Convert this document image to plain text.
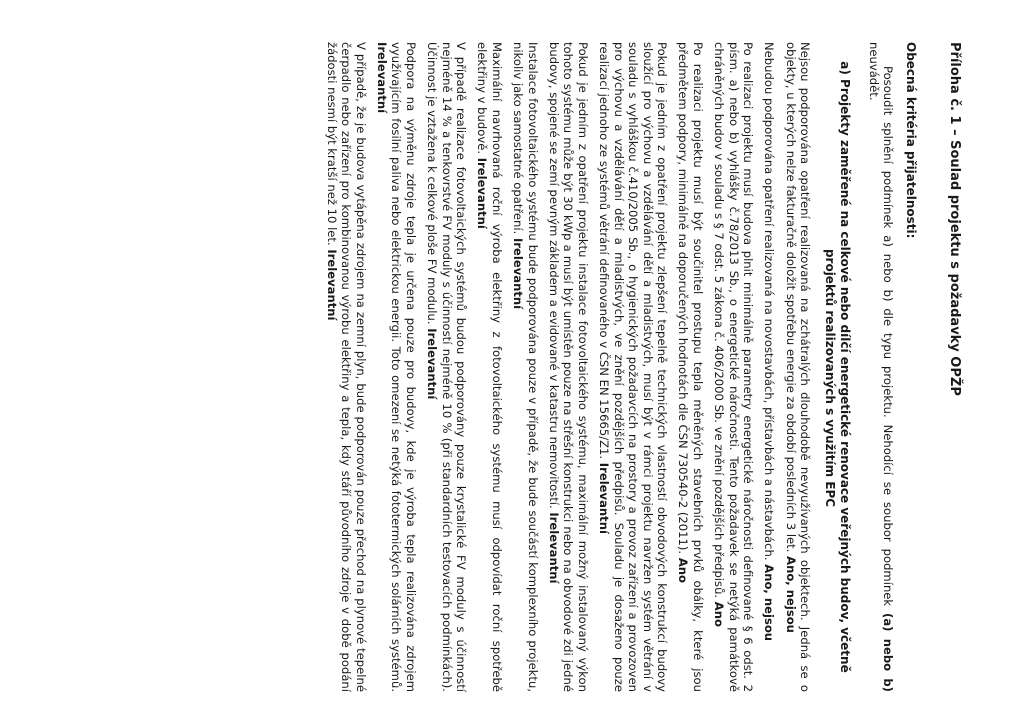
Příloha č. 1 – Soulad projektu s požadavky OPŽP
Obecná kritéria přijatelnosti:

Posoudit splnění podmínek a) nebo b) dle typu projektu. Nehodící se soubor podmínek (a) nebo b) neuvádět.

a) Projekty zaměřené na celkové nebo dílčí energetické renovace veřejných budov, včetně projektů realizovaných s využitím EPC

Nejsou podporována opatření realizovaná na zchátralých dlouhodobě nevyužívaných objektech. Jedná se o objekty, u kterých nelze fakturačně doložit spotřebu energie za období posledních 3 let. Ano, nejsou

Nebudou podporována opatření realizovaná na novostavbách, přístavbách a nástavbách. Ano, nejsou

Po realizaci projektu musí budova plnit minimálně parametry energetické náročnosti definované § 6 odst. 2 písm. a) nebo b) vyhlášky č.78/2013 Sb., o energetické náročnosti. Tento požadavek se netýká památkově chráněných budov v souladu s § 7 odst. 5 zákona č. 406/2000 Sb. ve znění pozdějších předpisů. Ano

Po realizaci projektu musí být součinitel prostupu tepla měněných stavebních prvků obálky, které jsou předmětem podpory, minimálně na doporučených hodnotách dle ČSN 730540-2 (2011). Ano

Pokud je jedním z opatření projektu zlepšení tepelně technických vlastností obvodových konstrukcí budovy sloužící pro výchovu a vzdělávání dětí a mladistvých, musí být v rámci projektu navržen systém větrání v souladu s vyhláškou č.410/2005 Sb., o hygienických požadavcích na prostory a provoz zařízení a provozoven pro výchovu a vzdělávání dětí a mladistvých, ve znění pozdějších předpisů. Souladu je dosaženo pouze realizací jednoho ze systémů větrání definovaného v ČSN EN 15665/Z1. Irelevantní

Pokud je jedním z opatření projektu instalace fotovoltaického systému, maximální možný instalovaný výkon tohoto systému může být 30 kWp a musí být umístěn pouze na střešní konstrukci nebo na obvodové zdi jedné budovy, spojené se zemí pevným základem a evidované v katastru nemovitostí. Irelevantní

Instalace fotovoltaického systému bude podporována pouze v případě, že bude součástí komplexního projektu, nikoliv jako samostatné opatření. Irelevantní

Maximální navrhovaná roční výroba elektřiny z fotovoltaického systému musí odpovídat roční spotřebě elektřiny v budově. Irelevantní

V případě realizace fotovoltaických systémů budou podporovány pouze krystalické FV moduly s účinností nejméně 14 % a tenkovrstvé FV moduly s účinností nejméně 10 % (při standardních testovacích podmínkách). Účinnost je vztažena k celkové ploše FV modulu. Irelevantní

Podpora na výměnu zdroje tepla je určena pouze pro budovy, kde je výroba tepla realizována zdrojem využívajícím fosilní paliva nebo elektrickou energii. Toto omezení se netýká fototermických solárních systémů. Irelevantní

V případě, že je budova vytápěna zdrojem na zemní plyn, bude podporován pouze přechod na plynové tepelné čerpadlo nebo zařízení pro kombinovanou výrobu elektřiny a tepla, kdy stáří původního zdroje v době podání žádosti nesmí být kratší než 10 let. Irelevantní
